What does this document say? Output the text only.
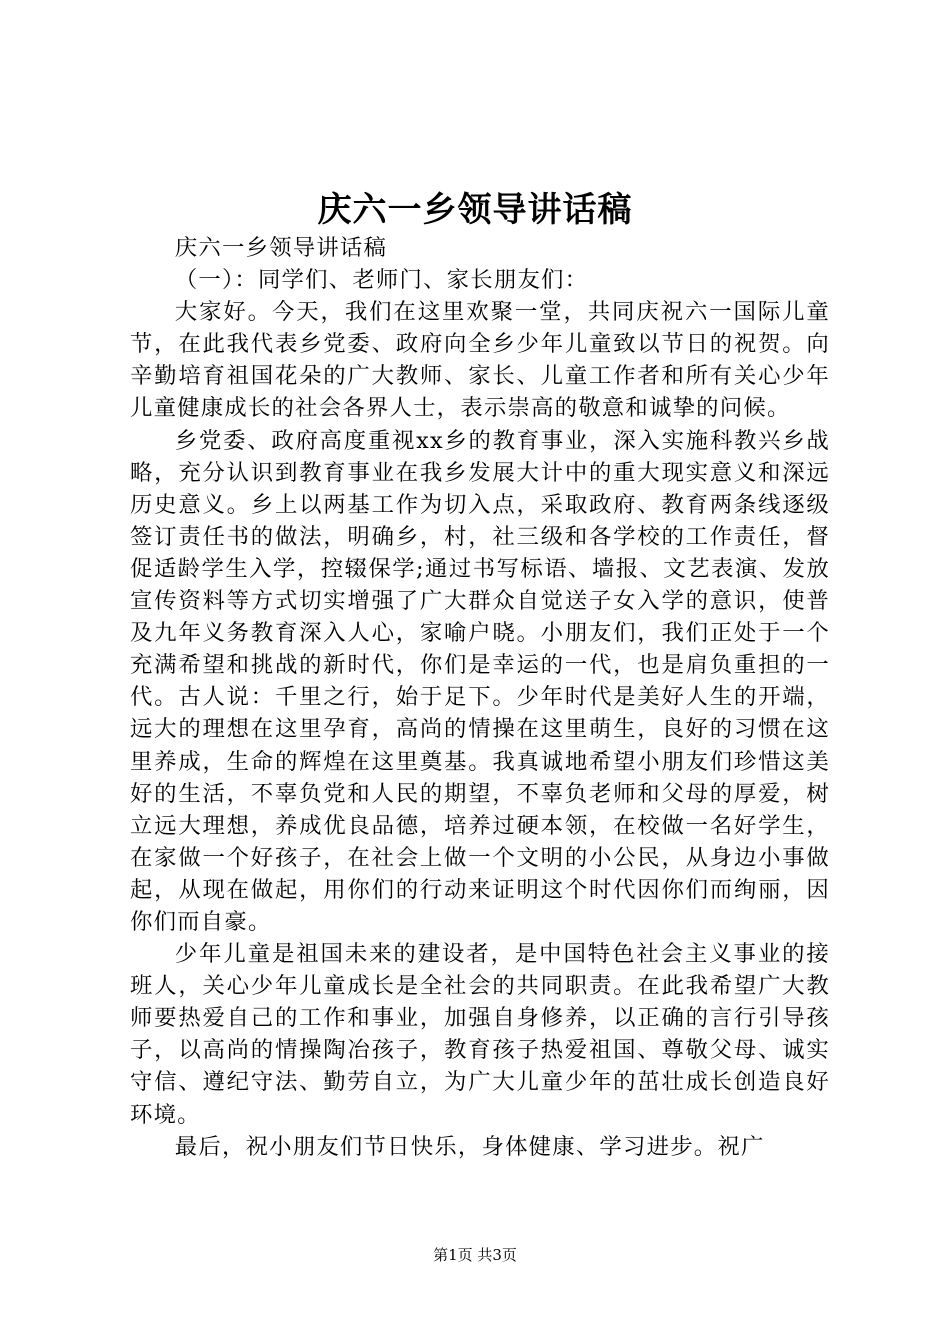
庆六一乡领导讲话稿

庆六一乡领导讲话稿

（一）：同学们、老师门、家长朋友们：

大家好。今天，我们在这里欢聚一堂，共同庆祝六一国际儿童节，在此我代表乡党委、政府向全乡少年儿童致以节日的祝贺。向辛勤培育祖国花朵的广大教师、家长、儿童工作者和所有关心少年儿童健康成长的社会各界人士，表示崇高的敬意和诚挚的问候。

乡党委、政府高度重视xx乡的教育事业，深入实施科教兴乡战略，充分认识到教育事业在我乡发展大计中的重大现实意义和深远历史意义。乡上以两基工作为切入点，采取政府、教育两条线逐级签订责任书的做法，明确乡，村，社三级和各学校的工作责任，督促适龄学生入学，控辍保学;通过书写标语、墙报、文艺表演、发放宣传资料等方式切实增强了广大群众自觉送子女入学的意识，使普及九年义务教育深入人心，家喻户晓。小朋友们，我们正处于一个充满希望和挑战的新时代，你们是幸运的一代，也是肩负重担的一代。古人说：千里之行，始于足下。少年时代是美好人生的开端，远大的理想在这里孕育，高尚的情操在这里萌生，良好的习惯在这里养成，生命的辉煌在这里奠基。我真诚地希望小朋友们珍惜这美好的生活，不辜负党和人民的期望，不辜负老师和父母的厚爱，树立远大理想，养成优良品德，培养过硬本领，在校做一名好学生，在家做一个好孩子，在社会上做一个文明的小公民，从身边小事做起，从现在做起，用你们的行动来证明这个时代因你们而绚丽，因你们而自豪。

少年儿童是祖国未来的建设者，是中国特色社会主义事业的接班人，关心少年儿童成长是全社会的共同职责。在此我希望广大教师要热爱自己的工作和事业，加强自身修养，以正确的言行引导孩子，以高尚的情操陶冶孩子，教育孩子热爱祖国、尊敬父母、诚实守信、遵纪守法、勤劳自立，为广大儿童少年的茁壮成长创造良好环境。

最后，祝小朋友们节日快乐，身体健康、学习进步。祝广

第1页 共3页
